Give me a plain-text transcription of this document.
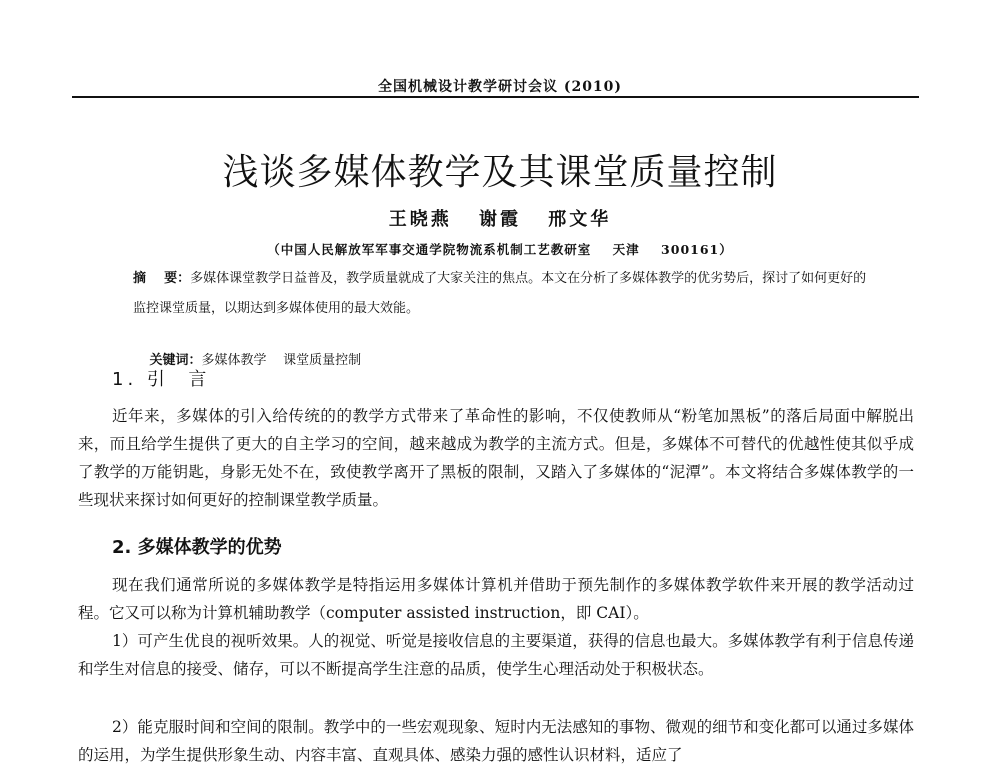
全国机械设计教学研讨会议 (2010)
浅谈多媒体教学及其课堂质量控制
王晓燕 谢霞 邢文华
（中国人民解放军军事交通学院物流系机制工艺教研室    天津    300161）
摘    要：多媒体课堂教学日益普及，教学质量就成了大家关注的焦点。本文在分析了多媒体教学的优劣势后，探讨了如何更好的监控课堂质量，以期达到多媒体使用的最大效能。

关键词：多媒体教学    课堂质量控制

1. 引  言

近年来，多媒体的引入给传统的的教学方式带来了革命性的影响，不仅使教师从“粉笔加黑板”的落后局面中解脱出来，而且给学生提供了更大的自主学习的空间，越来越成为教学的主流方式。但是，多媒体不可替代的优越性使其似乎成了教学的万能钥匙，身影无处不在，致使教学离开了黑板的限制，又踏入了多媒体的“泥潭”。本文将结合多媒体教学的一些现状来探讨如何更好的控制课堂教学质量。

2. 多媒体教学的优势

现在我们通常所说的多媒体教学是特指运用多媒体计算机并借助于预先制作的多媒体教学软件来开展的教学活动过程。它又可以称为计算机辅助教学（computer assisted instruction，即 CAI）。

1）可产生优良的视听效果。人的视觉、听觉是接收信息的主要渠道，获得的信息也最大。多媒体教学有利于信息传递和学生对信息的接受、储存，可以不断提高学生注意的品质，使学生心理活动处于积极状态。

2）能克服时间和空间的限制。教学中的一些宏观现象、短时内无法感知的事物、微观的细节和变化都可以通过多媒体的运用，为学生提供形象生动、内容丰富、直观具体、感染力强的感性认识材料，适应了
